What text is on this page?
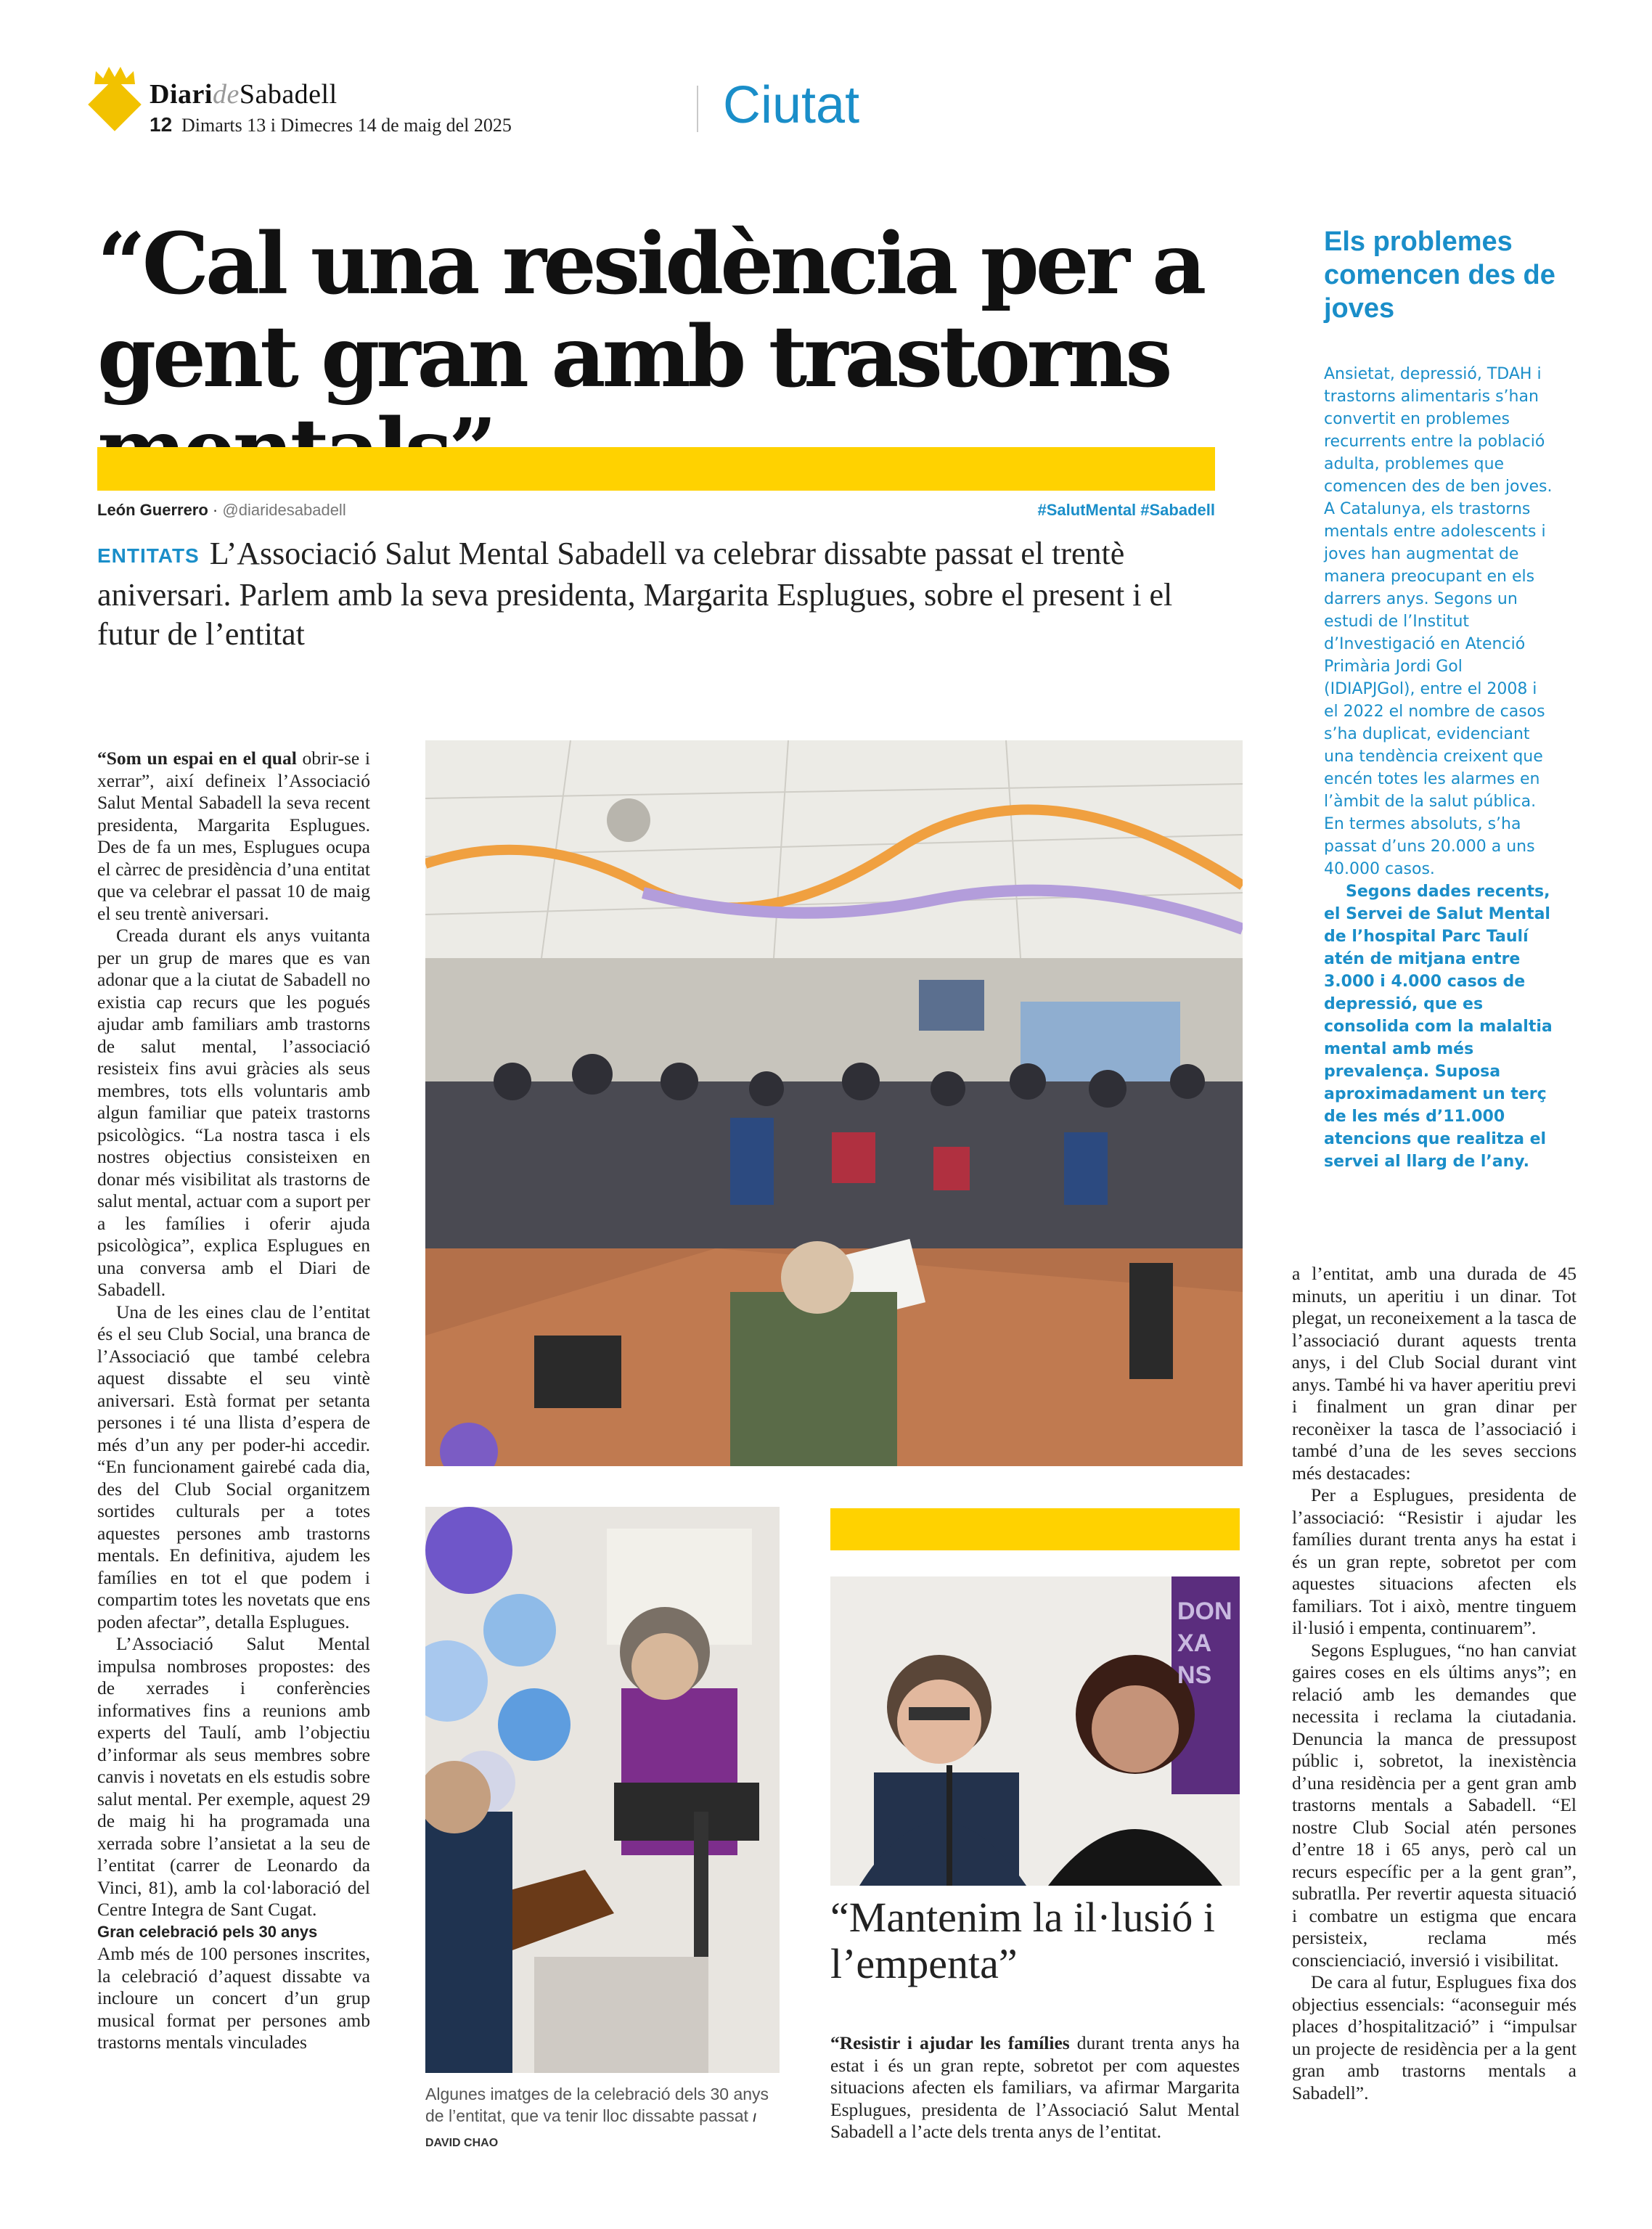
DiarideSabadell
12 Dimarts 13 i Dimecres 14 de maig del 2025	Ciutat
“Cal una residència per a gent gran amb trastorns
León Guerrero · @diaridesabadell	#SalutMental #Sabadell
ENTITATS L’Associació Salut Mental Sabadell va celebrar dissabte passat el trentè aniversari. Parlem amb la seva presidenta, Margarita Esplugues, sobre el present i el futur de l’entitat

“Som un espai en el qual obrir-se i xerrar”, així defineix l’Associació Salut Mental Sabadell la seva recent presidenta, Margarita Esplugues. Des de fa un mes, Esplugues ocupa el càrrec de presidència d’una entitat que va celebrar el passat 10 de maig el seu trentè aniversari.

Creada durant els anys vuitanta per un grup de mares que es van adonar que a la ciutat de Sabadell no existia cap recurs que les pogués ajudar amb familiars amb trastorns de salut mental, l’associació resisteix fins avui gràcies als seus membres, tots ells voluntaris amb algun familiar que pateix trastorns psicològics. “La nostra tasca i els nostres objectius consisteixen en donar més visibilitat als trastorns de salut mental, actuar com a suport per a les famílies i oferir ajuda psicològica”, explica Esplugues en una conversa amb el Diari de Sabadell.

Una de les eines clau de l’entitat és el seu Club Social, una branca de l’Associació que també celebra aquest dissabte el seu vintè aniversari. Està format per setanta persones i té una llista d’espera de més d’un any per poder-hi accedir. “En funcionament gairebé cada dia, des del Club Social organitzem sortides culturals per a totes aquestes persones amb trastorns mentals. En definitiva, ajudem les famílies en tot el que podem i compartim totes les novetats que ens poden afectar”, detalla Esplugues.

L’Associació Salut Mental impulsa nombroses propostes: des de xerrades i conferències informatives fins a reunions amb experts del Taulí, amb l’objectiu d’informar als seus membres sobre canvis i novetats en els estudis sobre salut mental. Per exemple, aquest 29 de maig hi ha programada una xerrada sobre l’ansietat a la seu de l’entitat (carrer de Leonardo da Vinci, 81), amb la col·laboració del Centre Integra de Sant Cugat.

Gran celebració pels 30 anys

Amb més de 100 persones inscrites, la celebració d’aquest dissabte va incloure un concert d’un grup musical format per persones amb trastorns mentals vinculades

Algunes imatges de la celebració dels 30 anys de l’entitat, que va tenir lloc dissabte passat / DAVID CHAO
DON XA NS
“Mantenim la il·lusió i l’empenta”

“Resistir i ajudar les famílies durant trenta anys ha estat i és un gran repte, sobretot per com aquestes situacions afecten els familiars, va afirmar Margarita Esplugues, presidenta de l’Associació Salut Mental Sabadell a l’acte dels trenta anys de l’entitat.

a l’entitat, amb una durada de 45 minuts, un aperitiu i un dinar. Tot plegat, un reconeixement a la tasca de l’associació durant aquests trenta anys, i del Club Social durant vint anys. També hi va haver aperitiu previ i finalment un gran dinar per reconèixer la tasca de l’associació i també d’una de les seves seccions més destacades:

Per a Esplugues, presidenta de l’associació: “Resistir i ajudar les famílies durant trenta anys ha estat i és un gran repte, sobretot per com aquestes situacions afecten els familiars. Tot i això, mentre tinguem il·lusió i empenta, continuarem”.

Segons Esplugues, “no han canviat gaires coses en els últims anys”; en relació amb les demandes que necessita i reclama la ciutadania. Denuncia la manca de pressupost públic i, sobretot, la inexistència d’una residència per a gent gran amb trastorns mentals a Sabadell. “El nostre Club Social atén persones d’entre 18 i 65 anys, però cal un recurs específic per a la gent gran”, subratlla. Per revertir aquesta situació i combatre un estigma que encara persisteix, reclama més conscienciació, inversió i visibilitat.

De cara al futur, Esplugues fixa dos objectius essencials: “aconseguir més places d’hospitalització” i “impulsar un projecte de residència per a la gent gran amb trastorns mentals a Sabadell”.

Els problemes comencen des de joves

Ansietat, depressió, TDAH i trastorns alimentaris s’han convertit en problemes recurrents entre la població adulta, problemes que comencen des de ben joves. A Catalunya, els trastorns mentals entre adolescents i joves han augmentat de manera preocupant en els darrers anys. Segons un estudi de l’Institut d’Investigació en Atenció Primària Jordi Gol (IDIAPJGol), entre el 2008 i el 2022 el nombre de casos s’ha duplicat, evidenciant una tendència creixent que encén totes les alarmes en l’àmbit de la salut pública. En termes absoluts, s’ha passat d’uns 20.000 a uns 40.000 casos.

Segons dades recents, el Servei de Salut Mental de l’hospital Parc Taulí atén de mitjana entre 3.000 i 4.000 casos de depressió, que es consolida com la malaltia mental amb més prevalença. Suposa aproximadament un terç de les més d’11.000 atencions que realitza el servei al llarg de l’any.
